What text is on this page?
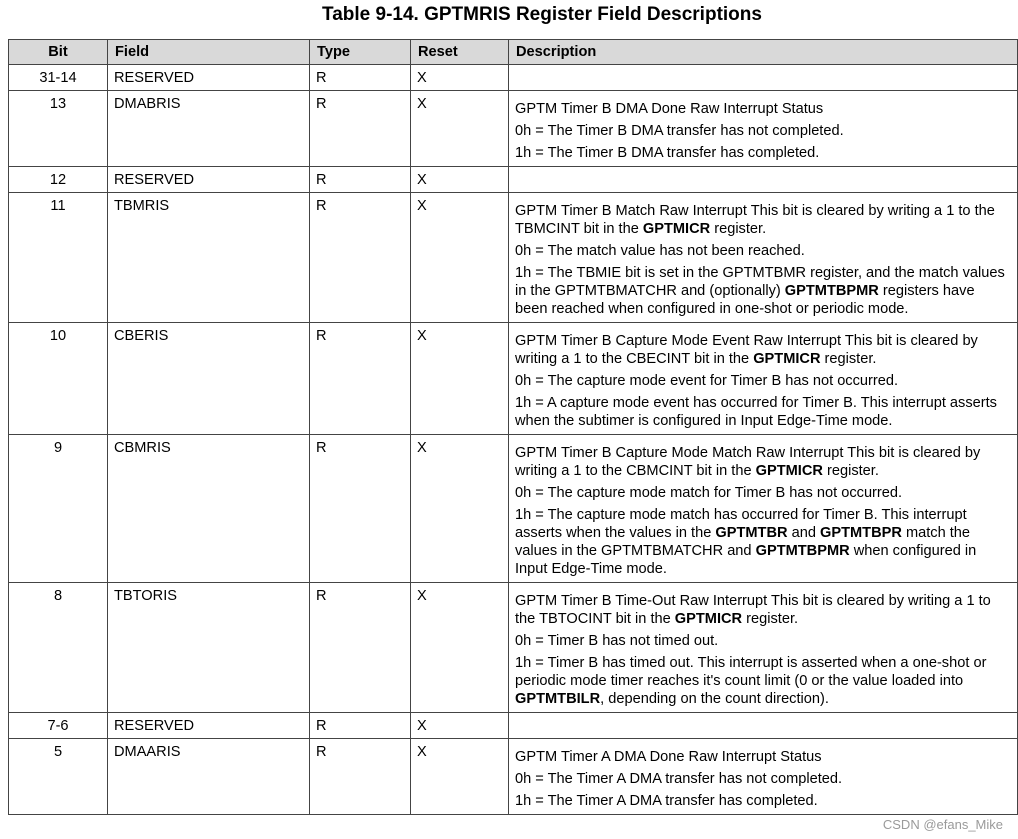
Table 9-14. GPTMRIS Register Field Descriptions
Bit	Field	Type	Reset	Description
31-14	RESERVED	R	X	
13	DMABRIS	R	X	GPTM Timer B DMA Done Raw Interrupt Status

0h = The Timer B DMA transfer has not completed.

1h = The Timer B DMA transfer has completed.

12	RESERVED	R	X	
11	TBMRIS	R	X	GPTM Timer B Match Raw Interrupt This bit is cleared by writing a 1 to the TBMCINT bit in the GPTMICR register.

0h = The match value has not been reached.

1h = The TBMIE bit is set in the GPTMTBMR register, and the match values in the GPTMTBMATCHR and (optionally) GPTMTBPMR registers have been reached when configured in one-shot or periodic mode.

10	CBERIS	R	X	GPTM Timer B Capture Mode Event Raw Interrupt This bit is cleared by writing a 1 to the CBECINT bit in the GPTMICR register.

0h = The capture mode event for Timer B has not occurred.

1h = A capture mode event has occurred for Timer B. This interrupt asserts when the subtimer is configured in Input Edge-Time mode.

9	CBMRIS	R	X	GPTM Timer B Capture Mode Match Raw Interrupt This bit is cleared by writing a 1 to the CBMCINT bit in the GPTMICR register.

0h = The capture mode match for Timer B has not occurred.

1h = The capture mode match has occurred for Timer B. This interrupt asserts when the values in the GPTMTBR and GPTMTBPR match the values in the GPTMTBMATCHR and GPTMTBPMR when configured in Input Edge-Time mode.

8	TBTORIS	R	X	GPTM Timer B Time-Out Raw Interrupt This bit is cleared by writing a 1 to the TBTOCINT bit in the GPTMICR register.

0h = Timer B has not timed out.

1h = Timer B has timed out. This interrupt is asserted when a one-shot or periodic mode timer reaches it's count limit (0 or the value loaded into GPTMTBILR, depending on the count direction).

7-6	RESERVED	R	X	
5	DMAARIS	R	X	GPTM Timer A DMA Done Raw Interrupt Status

0h = The Timer A DMA transfer has not completed.

1h = The Timer A DMA transfer has completed.

CSDN @efans_Mike
